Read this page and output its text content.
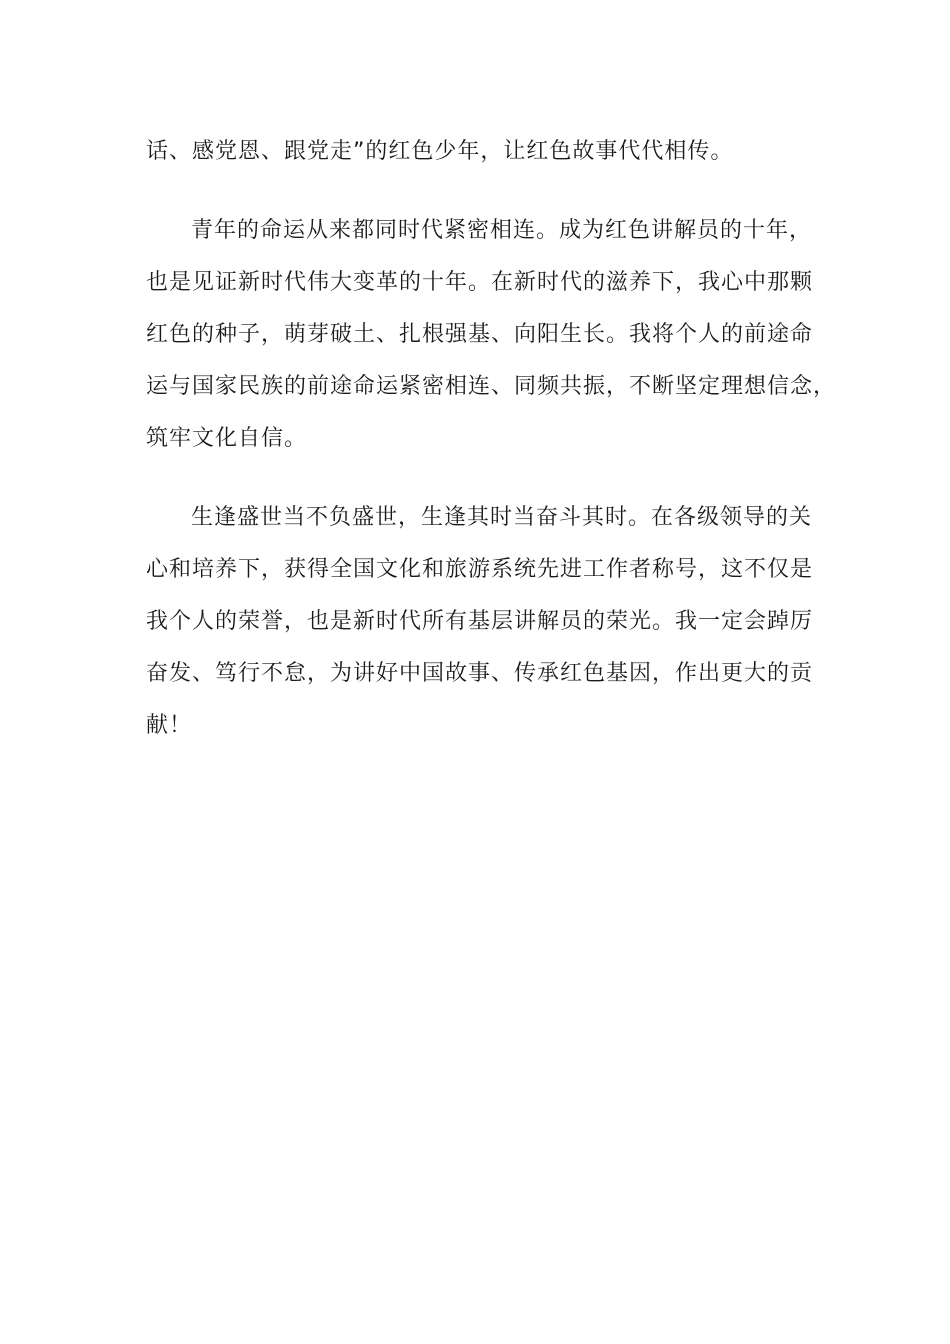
话、感党恩、跟党走”的红色少年，让红色故事代代相传。
青年的命运从来都同时代紧密相连。成为红色讲解员的十年，
也是见证新时代伟大变革的十年。在新时代的滋养下，我心中那颗
红色的种子，萌芽破土、扎根强基、向阳生长。我将个人的前途命
运与国家民族的前途命运紧密相连、同频共振，不断坚定理想信念，
筑牢文化自信。
生逢盛世当不负盛世，生逢其时当奋斗其时。在各级领导的关
心和培养下，获得全国文化和旅游系统先进工作者称号，这不仅是
我个人的荣誉，也是新时代所有基层讲解员的荣光。我一定会踔厉
奋发、笃行不怠，为讲好中国故事、传承红色基因，作出更大的贡
献！
